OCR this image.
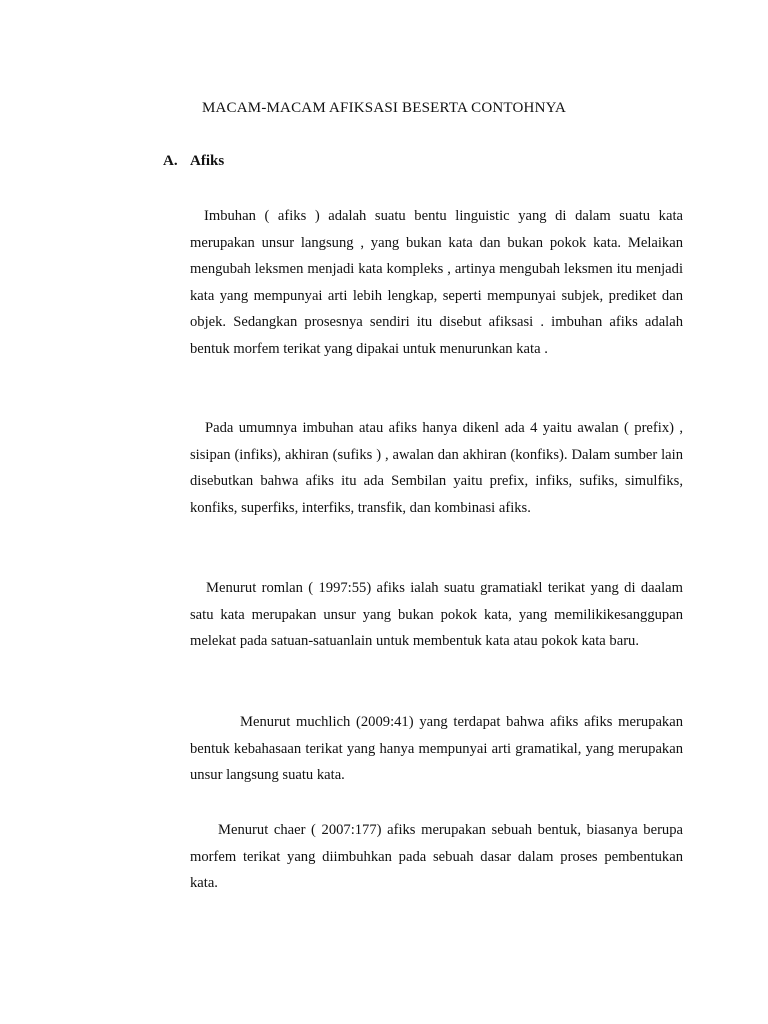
MACAM-MACAM AFIKSASI BESERTA CONTOHNYA
A. Afiks

Imbuhan ( afiks ) adalah suatu bentu linguistic yang di dalam suatu kata merupakan unsur langsung , yang bukan kata dan bukan pokok kata. Melaikan mengubah leksmen menjadi kata kompleks , artinya mengubah leksmen itu menjadi kata yang mempunyai arti lebih lengkap, seperti mempunyai subjek, prediket dan objek. Sedangkan prosesnya sendiri itu disebut afiksasi . imbuhan afiks adalah bentuk morfem terikat yang dipakai untuk menurunkan kata .

Pada umumnya imbuhan atau afiks hanya dikenl ada 4 yaitu awalan ( prefix) , sisipan (infiks), akhiran (sufiks ) , awalan dan akhiran (konfiks). Dalam sumber lain disebutkan bahwa afiks itu ada Sembilan yaitu prefix, infiks, sufiks, simulfiks, konfiks, superfiks, interfiks, transfik, dan kombinasi afiks.

Menurut romlan ( 1997:55) afiks ialah suatu gramatiakl terikat yang di daalam satu kata merupakan unsur yang bukan pokok kata, yang memilikikesanggupan melekat pada satuan-satuanlain untuk membentuk kata atau pokok kata baru.

Menurut muchlich (2009:41) yang terdapat bahwa afiks afiks merupakan bentuk kebahasaan terikat yang hanya mempunyai arti gramatikal, yang merupakan unsur langsung suatu kata.

Menurut chaer ( 2007:177) afiks merupakan sebuah bentuk, biasanya berupa morfem terikat yang diimbuhkan pada sebuah dasar dalam proses pembentukan kata.
